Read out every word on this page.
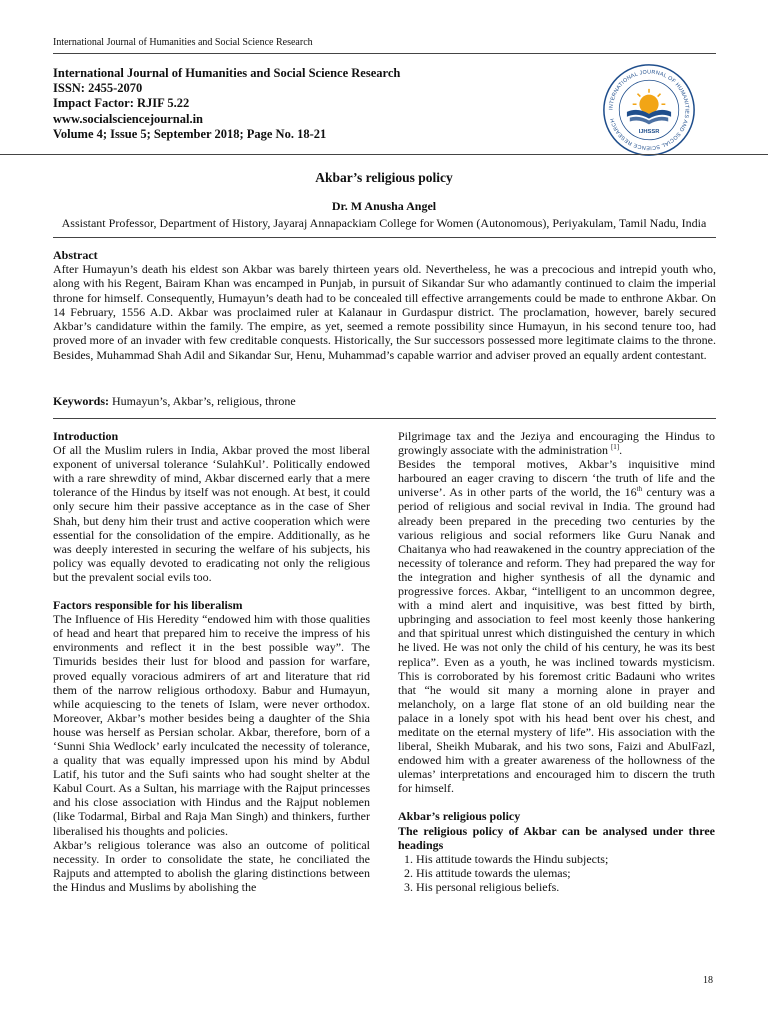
International Journal of Humanities and Social Science Research
International Journal of Humanities and Social Science Research
ISSN: 2455-2070
Impact Factor: RJIF 5.22
www.socialsciencejournal.in
Volume 4; Issue 5; September 2018; Page No. 18-21
INTERNATIONAL JOURNAL OF HUMANITIES AND SOCIAL SCIENCE RESEARCH
IJHSSR
Akbar’s religious policy
Dr. M Anusha Angel
Assistant Professor, Department of History, Jayaraj Annapackiam College for Women (Autonomous), Periyakulam, Tamil Nadu, India
Abstract
After Humayun’s death his eldest son Akbar was barely thirteen years old. Nevertheless, he was a precocious and intrepid youth who, along with his Regent, Bairam Khan was encamped in Punjab, in pursuit of Sikandar Sur who adamantly continued to claim the imperial throne for himself. Consequently, Humayun’s death had to be concealed till effective arrangements could be made to enthrone Akbar. On 14 February, 1556 A.D. Akbar was proclaimed ruler at Kalanaur in Gurdaspur district. The proclamation, however, barely secured Akbar’s candidature within the family. The empire, as yet, seemed a remote possibility since Humayun, in his second tenure too, had proved more of an invader with few creditable conquests. Historically, the Sur successors possessed more legitimate claims to the throne. Besides, Muhammad Shah Adil and Sikandar Sur, Henu, Muhammad’s capable warrior and adviser proved an equally ardent contestant.
Keywords: Humayun’s, Akbar’s, religious, throne

Introduction

Of all the Muslim rulers in India, Akbar proved the most liberal exponent of universal tolerance ‘SulahKul’. Politically endowed with a rare shrewdity of mind, Akbar discerned early that a mere tolerance of the Hindus by itself was not enough. At best, it could only secure him their passive acceptance as in the case of Sher Shah, but deny him their trust and active cooperation which were essential for the consolidation of the empire. Additionally, as he was deeply interested in securing the welfare of his subjects, his policy was equally devoted to eradicating not only the religious but the prevalent social evils too.

Factors responsible for his liberalism

The Influence of His Heredity “endowed him with those qualities of head and heart that prepared him to receive the impress of his environments and reflect it in the best possible way”. The Timurids besides their lust for blood and passion for warfare, proved equally voracious admirers of art and literature that rid them of the narrow religious orthodoxy. Babur and Humayun, while acquiescing to the tenets of Islam, were never orthodox. Moreover, Akbar’s mother besides being a daughter of the Shia house was herself as Persian scholar. Akbar, therefore, born of a ‘Sunni Shia Wedlock’ early inculcated the necessity of tolerance, a quality that was equally impressed upon his mind by Abdul Latif, his tutor and the Sufi saints who had sought shelter at the Kabul Court. As a Sultan, his marriage with the Rajput princesses and his close association with Hindus and the Rajput noblemen (like Todarmal, Birbal and Raja Man Singh) and thinkers, further liberalised his thoughts and policies.

Akbar’s religious tolerance was also an outcome of political necessity. In order to consolidate the state, he conciliated the Rajputs and attempted to abolish the glaring distinctions between the Hindus and Muslims by abolishing the

Pilgrimage tax and the Jeziya and encouraging the Hindus to growingly associate with the administration [1].

Besides the temporal motives, Akbar’s inquisitive mind harboured an eager craving to discern ‘the truth of life and the universe’. As in other parts of the world, the 16th century was a period of religious and social revival in India. The ground had already been prepared in the preceding two centuries by the various religious and social reformers like Guru Nanak and Chaitanya who had reawakened in the country appreciation of the necessity of tolerance and reform. They had prepared the way for the integration and higher synthesis of all the dynamic and progressive forces. Akbar, “intelligent to an uncommon degree, with a mind alert and inquisitive, was best fitted by birth, upbringing and association to feel most keenly those hankering and that spiritual unrest which distinguished the century in which he lived. He was not only the child of his century, he was its best replica”. Even as a youth, he was inclined towards mysticism. This is corroborated by his foremost critic Badauni who writes that “he would sit many a morning alone in prayer and melancholy, on a large flat stone of an old building near the palace in a lonely spot with his head bent over his chest, and meditate on the eternal mystery of life”. His association with the liberal, Sheikh Mubarak, and his two sons, Faizi and AbulFazl, endowed him with a greater awareness of the hollowness of the ulemas’ interpretations and encouraged him to discern the truth for himself.

Akbar’s religious policy

The religious policy of Akbar can be analysed under three headings

1. His attitude towards the Hindu subjects;
2. His attitude towards the ulemas;
3. His personal religious beliefs.
18
